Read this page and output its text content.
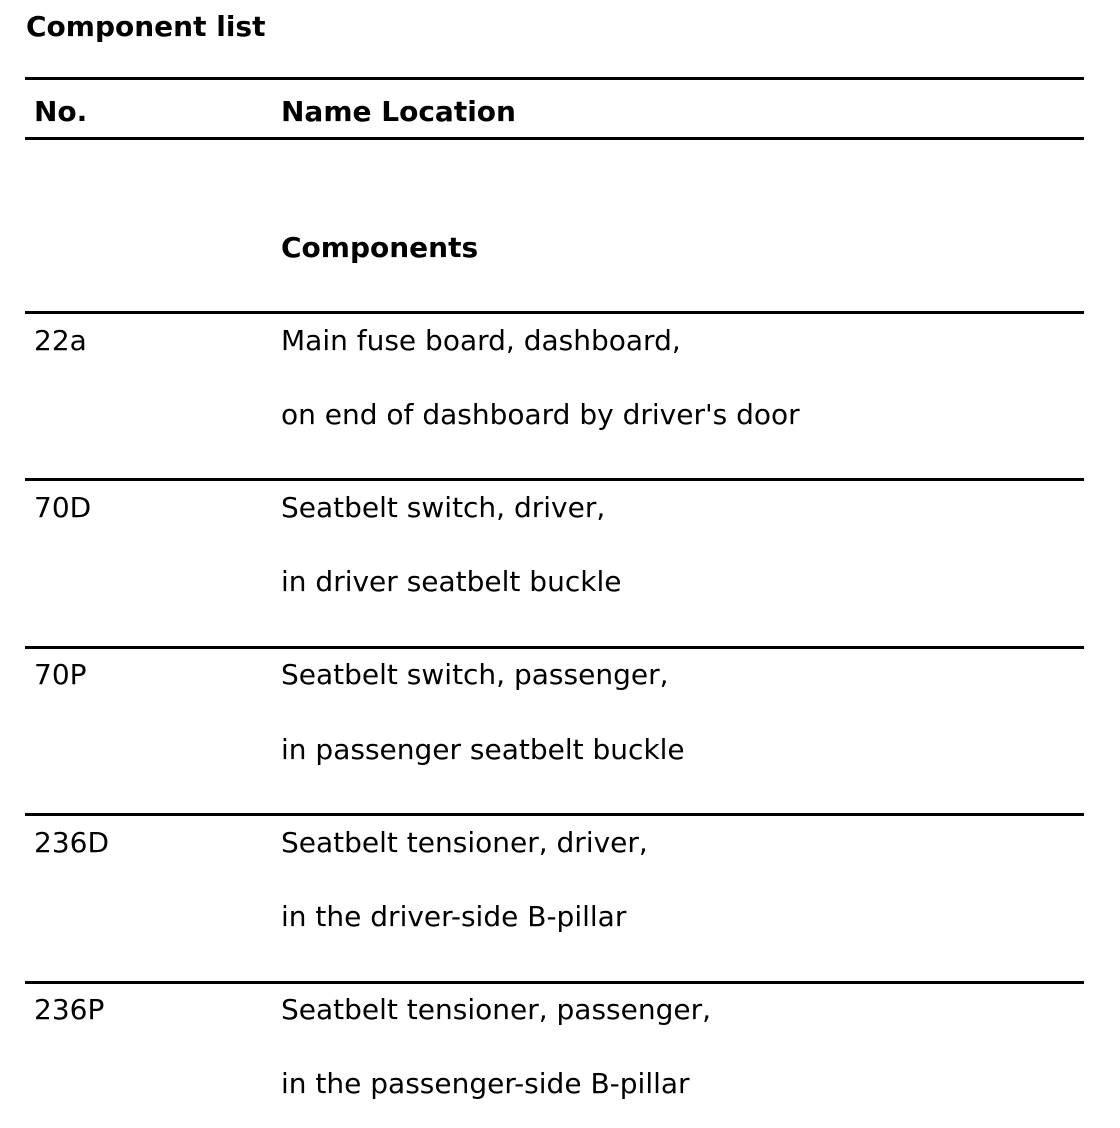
Component list
No.	Name Location
Components
22a	Main fuse board, dashboard,
on end of dashboard by driver's door
70D	Seatbelt switch, driver,
in driver seatbelt buckle
70P	Seatbelt switch, passenger,
in passenger seatbelt buckle
236D	Seatbelt tensioner, driver,
in the driver-side B-pillar
236P	Seatbelt tensioner, passenger,
in the passenger-side B-pillar
